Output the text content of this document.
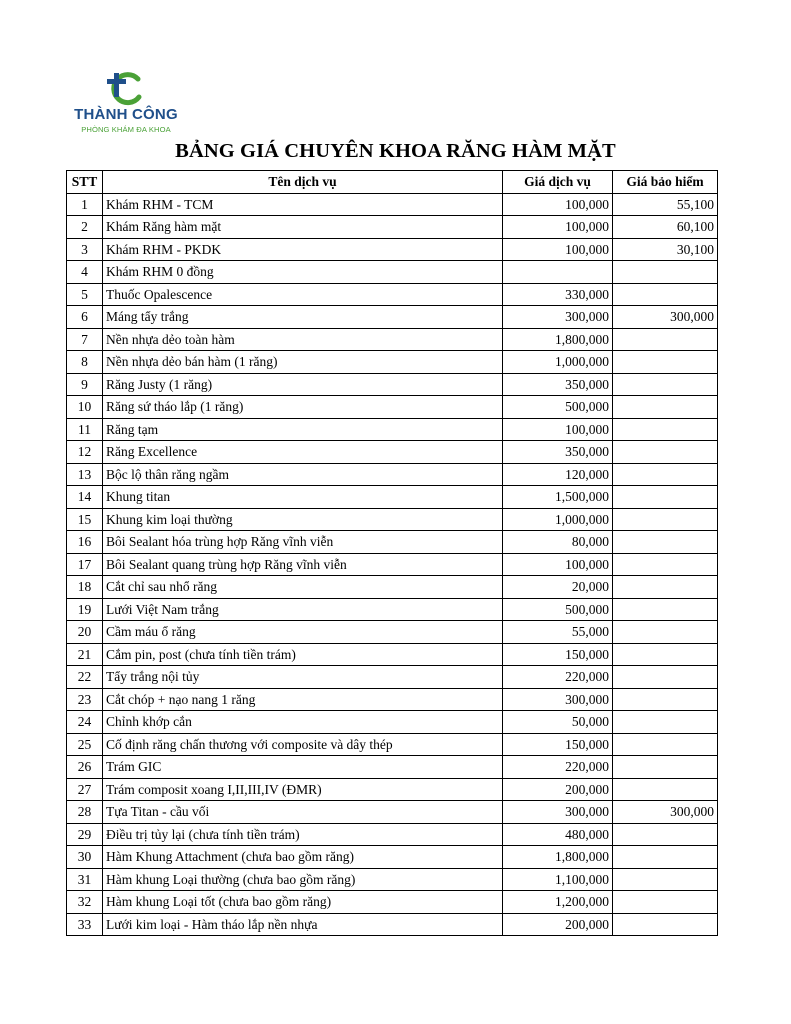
THÀNH CÔNG
PHÒNG KHÁM ĐA KHOA
BẢNG GIÁ CHUYÊN KHOA RĂNG HÀM MẶT
STT	Tên dịch vụ	Giá dịch vụ	Giá bảo hiểm
1	Khám RHM - TCM	100,000	55,100
2	Khám Răng hàm mặt	100,000	60,100
3	Khám RHM - PKDK	100,000	30,100
4	Khám RHM 0 đồng		
5	Thuốc Opalescence	330,000	
6	Máng tẩy trắng	300,000	300,000
7	Nền nhựa dẻo toàn hàm	1,800,000	
8	Nền nhựa dẻo bán hàm (1 răng)	1,000,000	
9	Răng Justy (1 răng)	350,000	
10	Răng sứ tháo lắp (1 răng)	500,000	
11	Răng tạm	100,000	
12	Răng Excellence	350,000	
13	Bộc lộ thân răng ngầm	120,000	
14	Khung titan	1,500,000	
15	Khung kim loại thường	1,000,000	
16	Bôi Sealant hóa trùng hợp Răng vĩnh viễn	80,000	
17	Bôi Sealant quang trùng hợp Răng vĩnh viễn	100,000	
18	Cắt chỉ sau nhổ răng	20,000	
19	Lưới Việt Nam trắng	500,000	
20	Cầm máu ổ răng	55,000	
21	Cắm pin, post (chưa tính tiền trám)	150,000	
22	Tẩy trắng nội tủy	220,000	
23	Cắt chóp + nạo nang 1 răng	300,000	
24	Chỉnh khớp cắn	50,000	
25	Cố định răng chấn thương với composite và dây thép	150,000	
26	Trám GIC	220,000	
27	Trám composit xoang I,II,III,IV (ĐMR)	200,000	
28	Tựa Titan - cầu vối	300,000	300,000
29	Điều trị tủy lại (chưa tính tiền trám)	480,000	
30	Hàm Khung Attachment (chưa bao gồm răng)	1,800,000	
31	Hàm khung Loại thường (chưa bao gồm răng)	1,100,000	
32	Hàm khung Loại tốt (chưa bao gồm răng)	1,200,000	
33	Lưới kim loại - Hàm tháo lắp nền nhựa	200,000	
